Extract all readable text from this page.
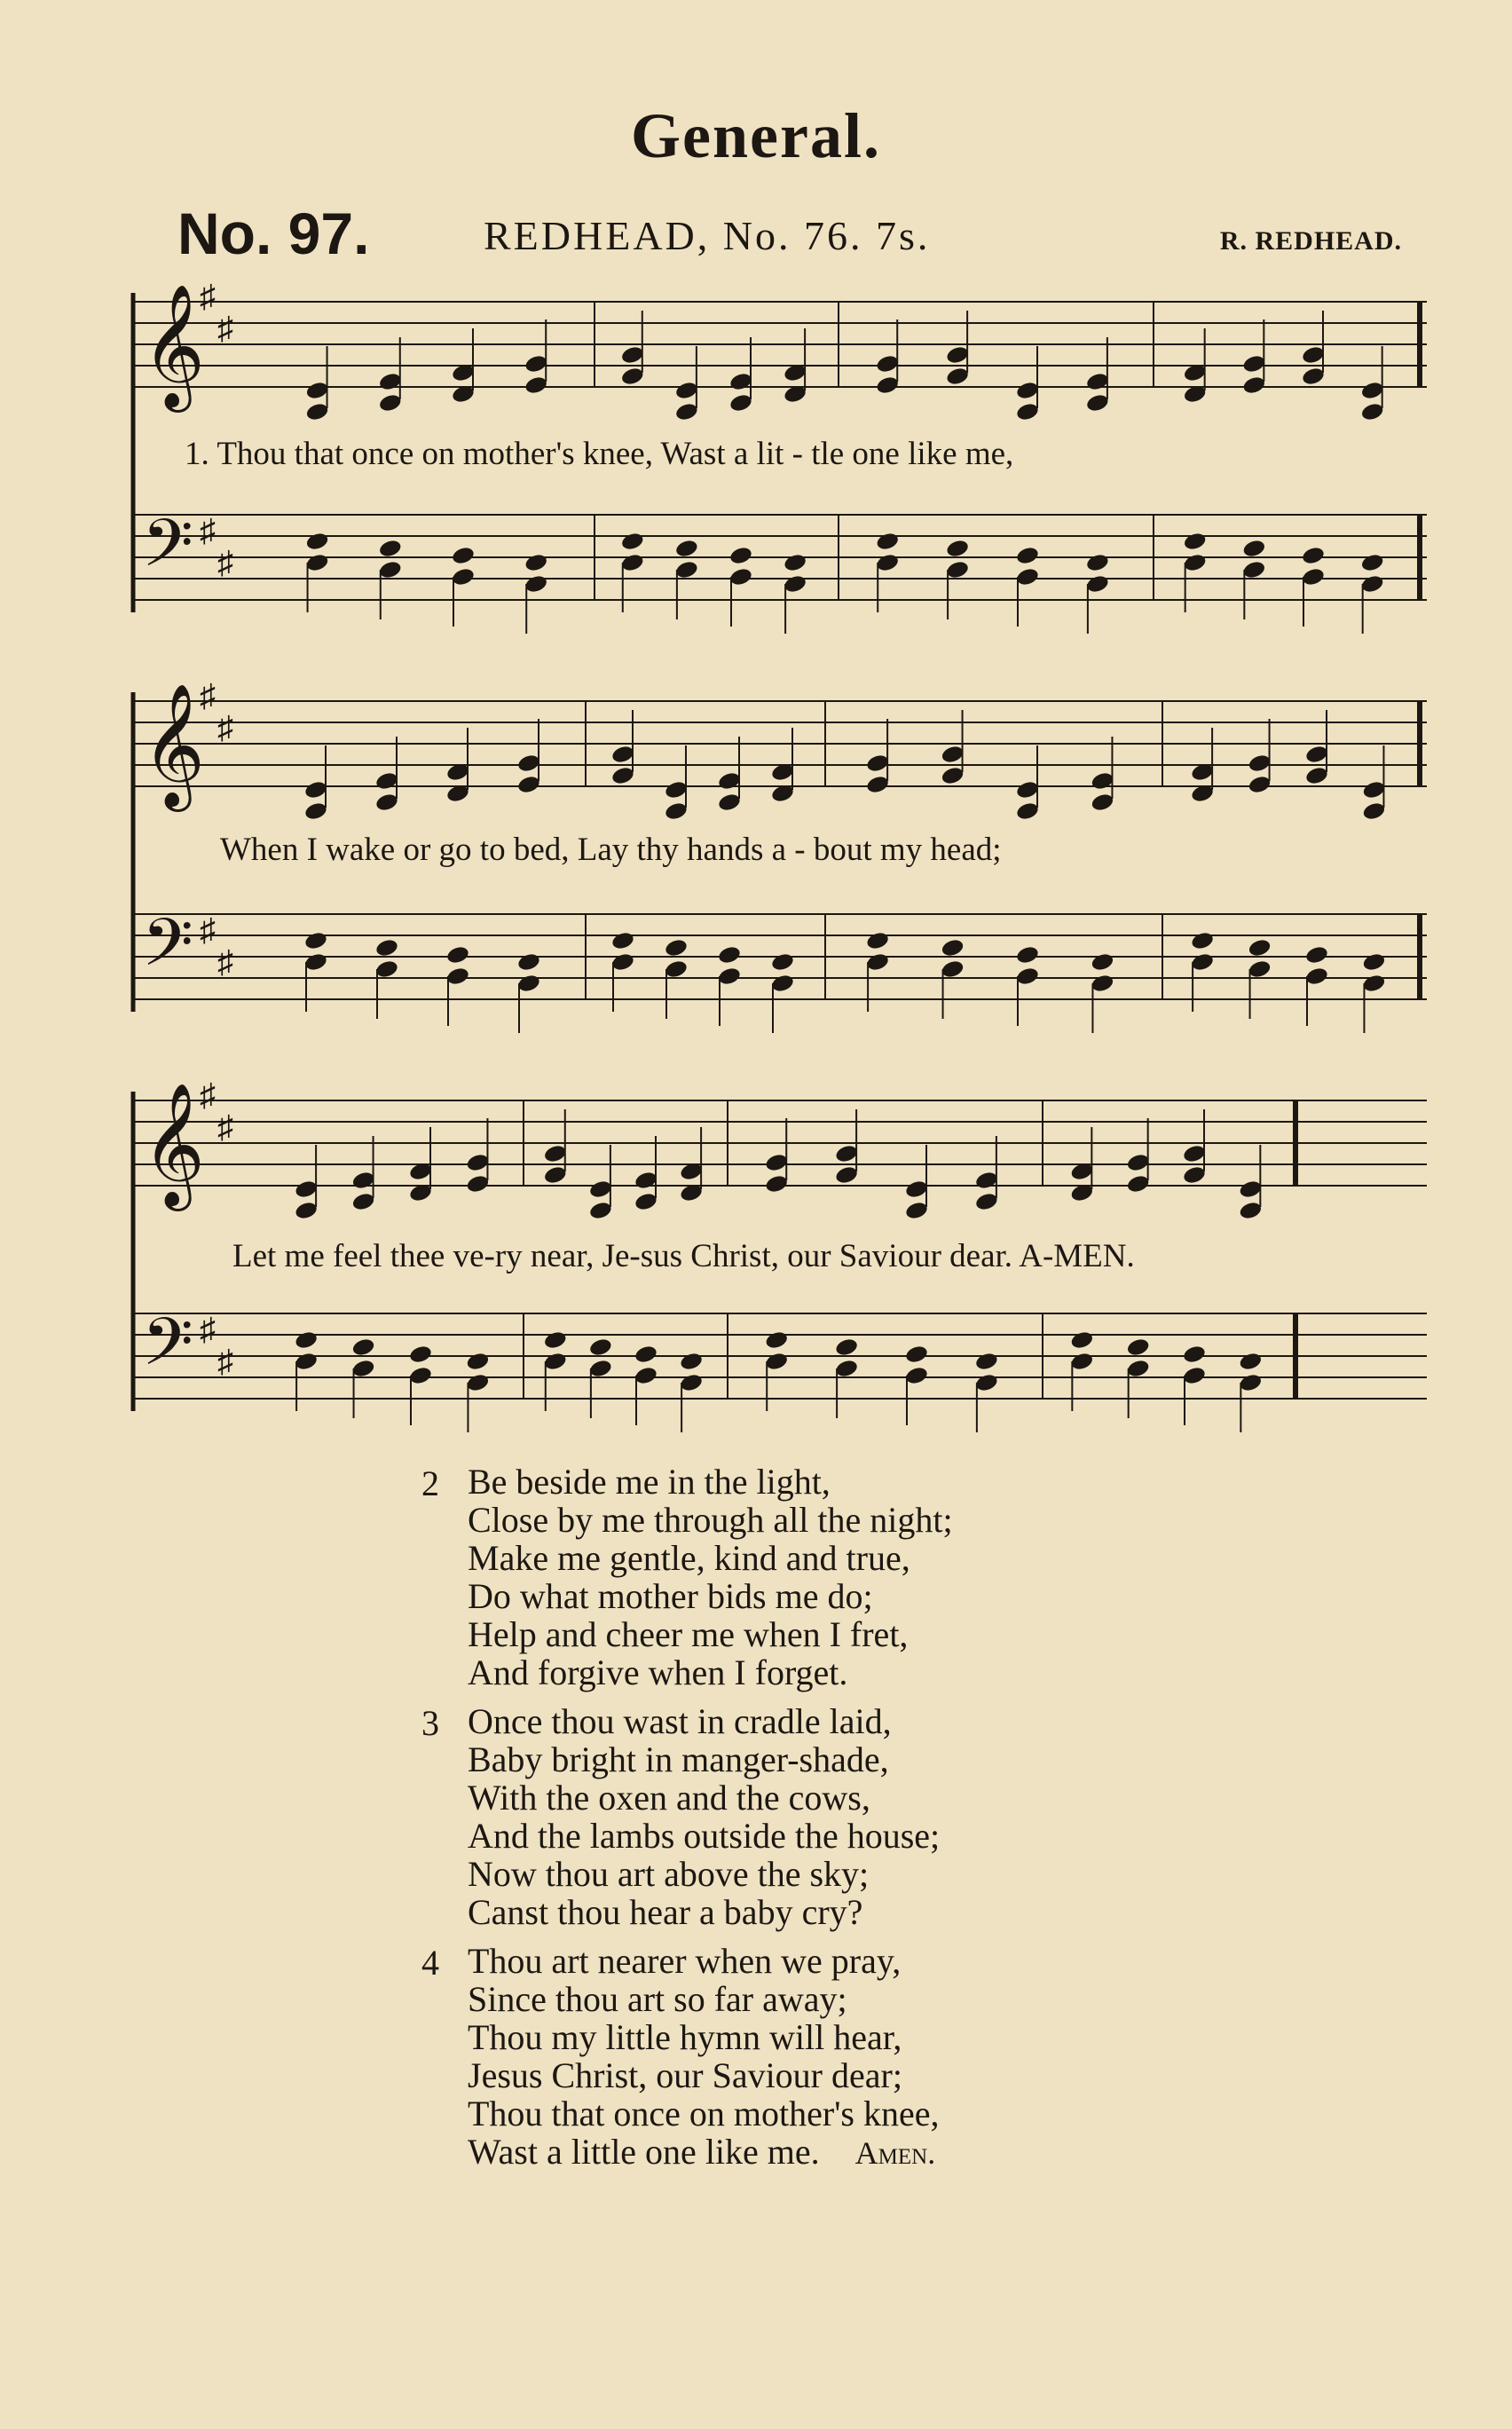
General.
No. 97.	REDHEAD, No. 76. 7s.	R. REDHEAD.
𝄞
𝄢
♯
♯
♯
♯
1. Thou that once on mother's knee, Wast a lit - tle one like me,
𝄞
𝄢
♯
♯
♯
♯
When I wake or go to bed, Lay thy hands a - bout my head;
𝄞
𝄢
♯
♯
♯
♯
Let me feel thee ve-ry near, Je-sus Christ, our Saviour dear. A-MEN.
2 Be beside me in the light,
Close by me through all the night;
Make me gentle, kind and true,
Do what mother bids me do;
Help and cheer me when I fret,
And forgive when I forget.
3 Once thou wast in cradle laid,
Baby bright in manger-shade,
With the oxen and the cows,
And the lambs outside the house;
Now thou art above the sky;
Canst thou hear a baby cry?
4 Thou art nearer when we pray,
Since thou art so far away;
Thou my little hymn will hear,
Jesus Christ, our Saviour dear;
Thou that once on mother's knee,
Wast a little one like me. Amen.
